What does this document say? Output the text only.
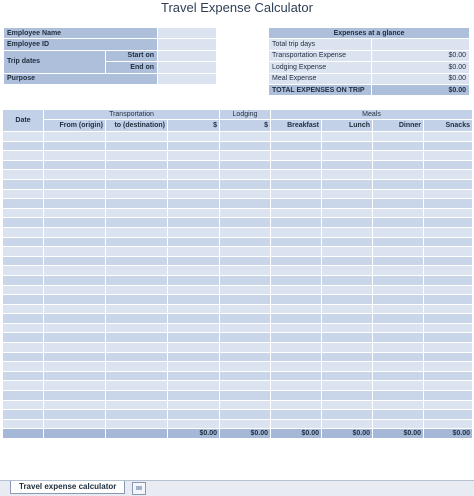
Travel Expense Calculator
Employee Name		
Employee ID		
Trip dates	Start on	
	End on	
Purpose		
Expenses at a glance	
Total trip days	
Transportation Expense	$0.00
Lodging Expense	$0.00
Meal Expense	$0.00
TOTAL EXPENSES ON TRIP	$0.00
Date	Transportation			Lodging	Meals			
	From (origin)	to (destination)	$	$	Breakfast	Lunch	Dinner	Snacks

			$0.00	$0.00	$0.00	$0.00	$0.00	$0.00
Travel expense calculator
